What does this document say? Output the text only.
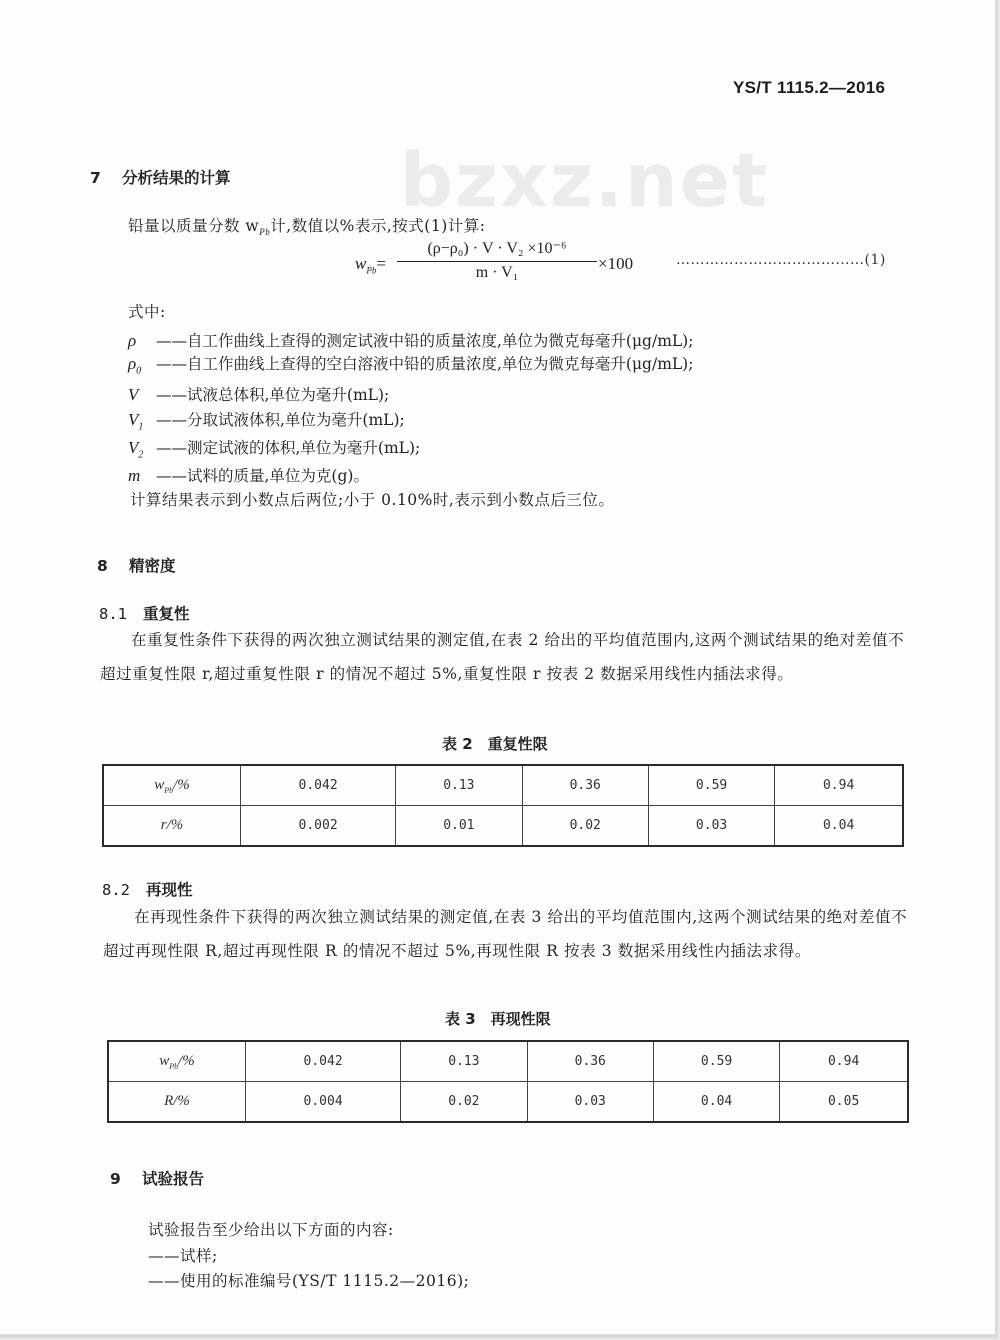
bzxz.net
YS/T 1115.2—2016
7 分析结果的计算
铅量以质量分数 $w_{Pb}$计,数值以%表示,按式(1)计算:
$w_{Pb}= \frac{\text{(ρ−ρ₀) · V · V₂ ×10⁻⁶}}{\text{m · V₁}} \times 100$	…………………………………(1)
式中:
ρ ——自工作曲线上查得的测定试液中铅的质量浓度,单位为微克每毫升(μg/mL);
$\rho_0$ ——自工作曲线上查得的空白溶液中铅的质量浓度,单位为微克每毫升(μg/mL);
V ——试液总体积,单位为毫升(mL);
$V_1$ ——分取试液体积,单位为毫升(mL);
$V_2$ ——测定试液的体积,单位为毫升(mL);
m ——试料的质量,单位为克(g)。
计算结果表示到小数点后两位;小于 0.10%时,表示到小数点后三位。
8 精密度
8.1 重复性
在重复性条件下获得的两次独立测试结果的测定值,在表 2 给出的平均值范围内,这两个测试结果的绝对差值不超过重复性限 r,超过重复性限 r 的情况不超过 5%,重复性限 r 按表 2 数据采用线性内插法求得。
表 2　重复性限
$w_{Pb}/\%$	0.042	0.13	0.36	0.59	0.94
r/%	0.002	0.01	0.02	0.03	0.04
8.2 再现性
在再现性条件下获得的两次独立测试结果的测定值,在表 3 给出的平均值范围内,这两个测试结果的绝对差值不超过再现性限 R,超过再现性限 R 的情况不超过 5%,再现性限 R 按表 3 数据采用线性内插法求得。
表 3　再现性限
$w_{Pb}/\%$	0.042	0.13	0.36	0.59	0.94
R/%	0.004	0.02	0.03	0.04	0.05
9 试验报告
试验报告至少给出以下方面的内容:
——试样;
——使用的标准编号(YS/T 1115.2—2016);
